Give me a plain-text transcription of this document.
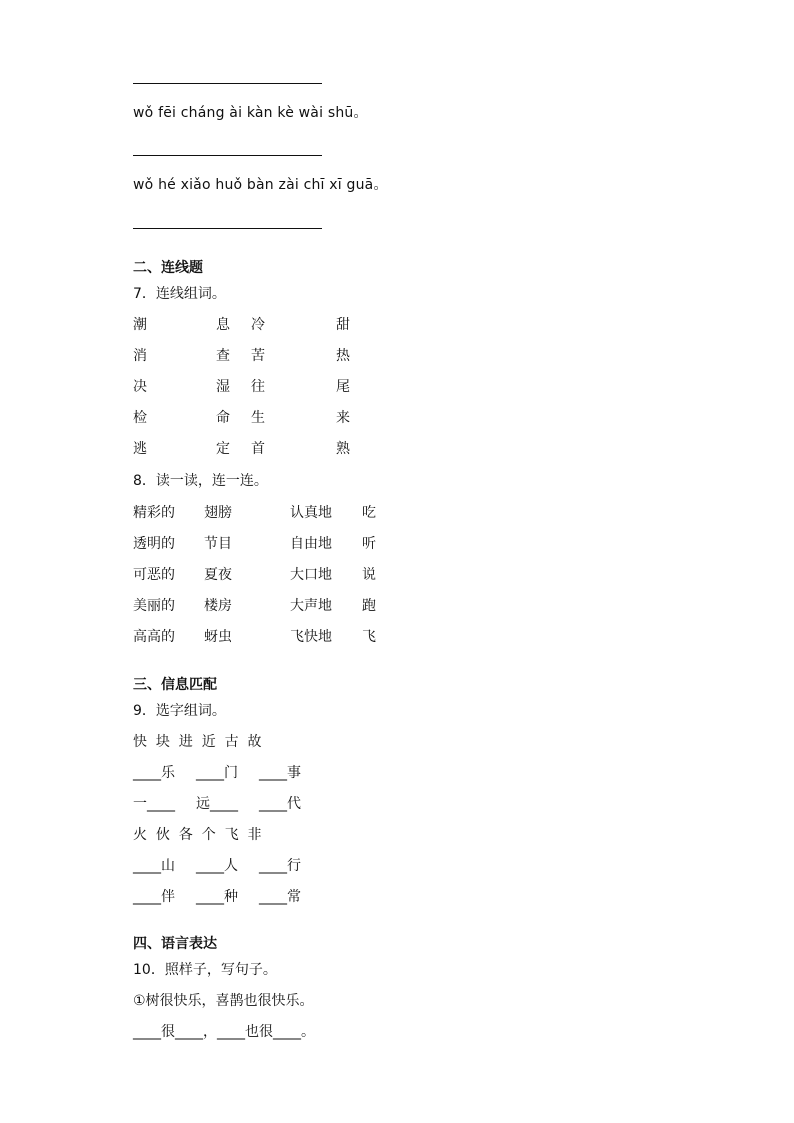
wǒ fēi cháng ài kàn kè wài shū。
wǒ hé xiǎo huǒ bàn zài chī xī guā。
二、连线题
7．连线组词。
潮	息 冷	甜
消	查 苦	热
决	湿 往	尾
检	命 生	来
逃	定 首	熟
8．读一读，连一连。
精彩的 翅膀	认真地 吃
透明的 节目	自由地 听
可恶的 夏夜	大口地 说
美丽的 楼房	大声地 跑
高高的 蚜虫	飞快地 飞
三、信息匹配
9．选字组词。
快  块  进  近  古  故
____乐 ____门 ____事
一____ 远____ ____代
火  伙  各  个  飞  非
____山 ____人 ____行
____伴 ____种 ____常
四、语言表达
10．照样子，写句子。
①树很快乐，喜鹊也很快乐。
____很____，____也很____。
